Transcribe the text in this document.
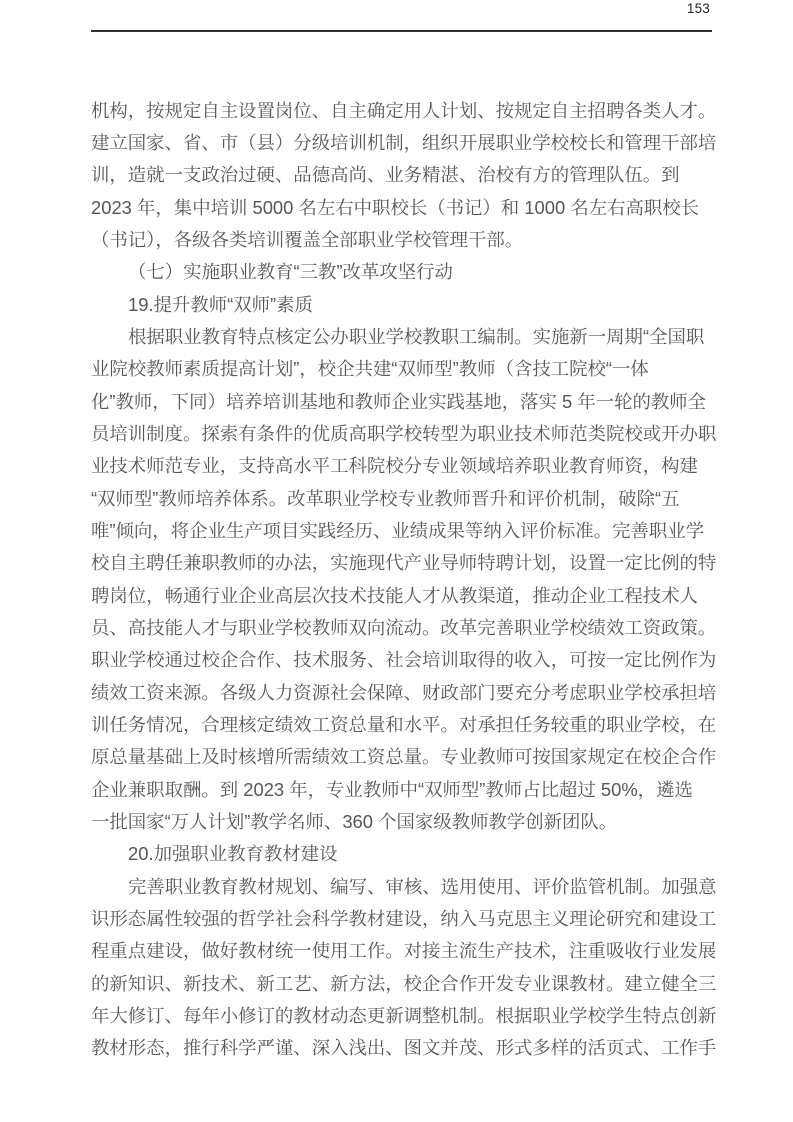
153
机构，按规定自主设置岗位、自主确定用人计划、按规定自主招聘各类人才。
建立国家、省、市（县）分级培训机制，组织开展职业学校校长和管理干部培
训，造就一支政治过硬、品德高尚、业务精湛、治校有方的管理队伍。到
2023 年，集中培训 5000 名左右中职校长（书记）和 1000 名左右高职校长
（书记），各级各类培训覆盖全部职业学校管理干部。
（七）实施职业教育“三教”改革攻坚行动
19.提升教师“双师”素质
根据职业教育特点核定公办职业学校教职工编制。实施新一周期“全国职
业院校教师素质提高计划”，校企共建“双师型”教师（含技工院校“一体
化”教师，下同）培养培训基地和教师企业实践基地，落实 5 年一轮的教师全
员培训制度。探索有条件的优质高职学校转型为职业技术师范类院校或开办职
业技术师范专业，支持高水平工科院校分专业领域培养职业教育师资，构建
“双师型”教师培养体系。改革职业学校专业教师晋升和评价机制，破除“五
唯”倾向，将企业生产项目实践经历、业绩成果等纳入评价标准。完善职业学
校自主聘任兼职教师的办法，实施现代产业导师特聘计划，设置一定比例的特
聘岗位，畅通行业企业高层次技术技能人才从教渠道，推动企业工程技术人
员、高技能人才与职业学校教师双向流动。改革完善职业学校绩效工资政策。
职业学校通过校企合作、技术服务、社会培训取得的收入，可按一定比例作为
绩效工资来源。各级人力资源社会保障、财政部门要充分考虑职业学校承担培
训任务情况，合理核定绩效工资总量和水平。对承担任务较重的职业学校，在
原总量基础上及时核增所需绩效工资总量。专业教师可按国家规定在校企合作
企业兼职取酬。到 2023 年，专业教师中“双师型”教师占比超过 50%，遴选
一批国家“万人计划”教学名师、360 个国家级教师教学创新团队。
20.加强职业教育教材建设
完善职业教育教材规划、编写、审核、选用使用、评价监管机制。加强意
识形态属性较强的哲学社会科学教材建设，纳入马克思主义理论研究和建设工
程重点建设，做好教材统一使用工作。对接主流生产技术，注重吸收行业发展
的新知识、新技术、新工艺、新方法，校企合作开发专业课教材。建立健全三
年大修订、每年小修订的教材动态更新调整机制。根据职业学校学生特点创新
教材形态，推行科学严谨、深入浅出、图文并茂、形式多样的活页式、工作手
